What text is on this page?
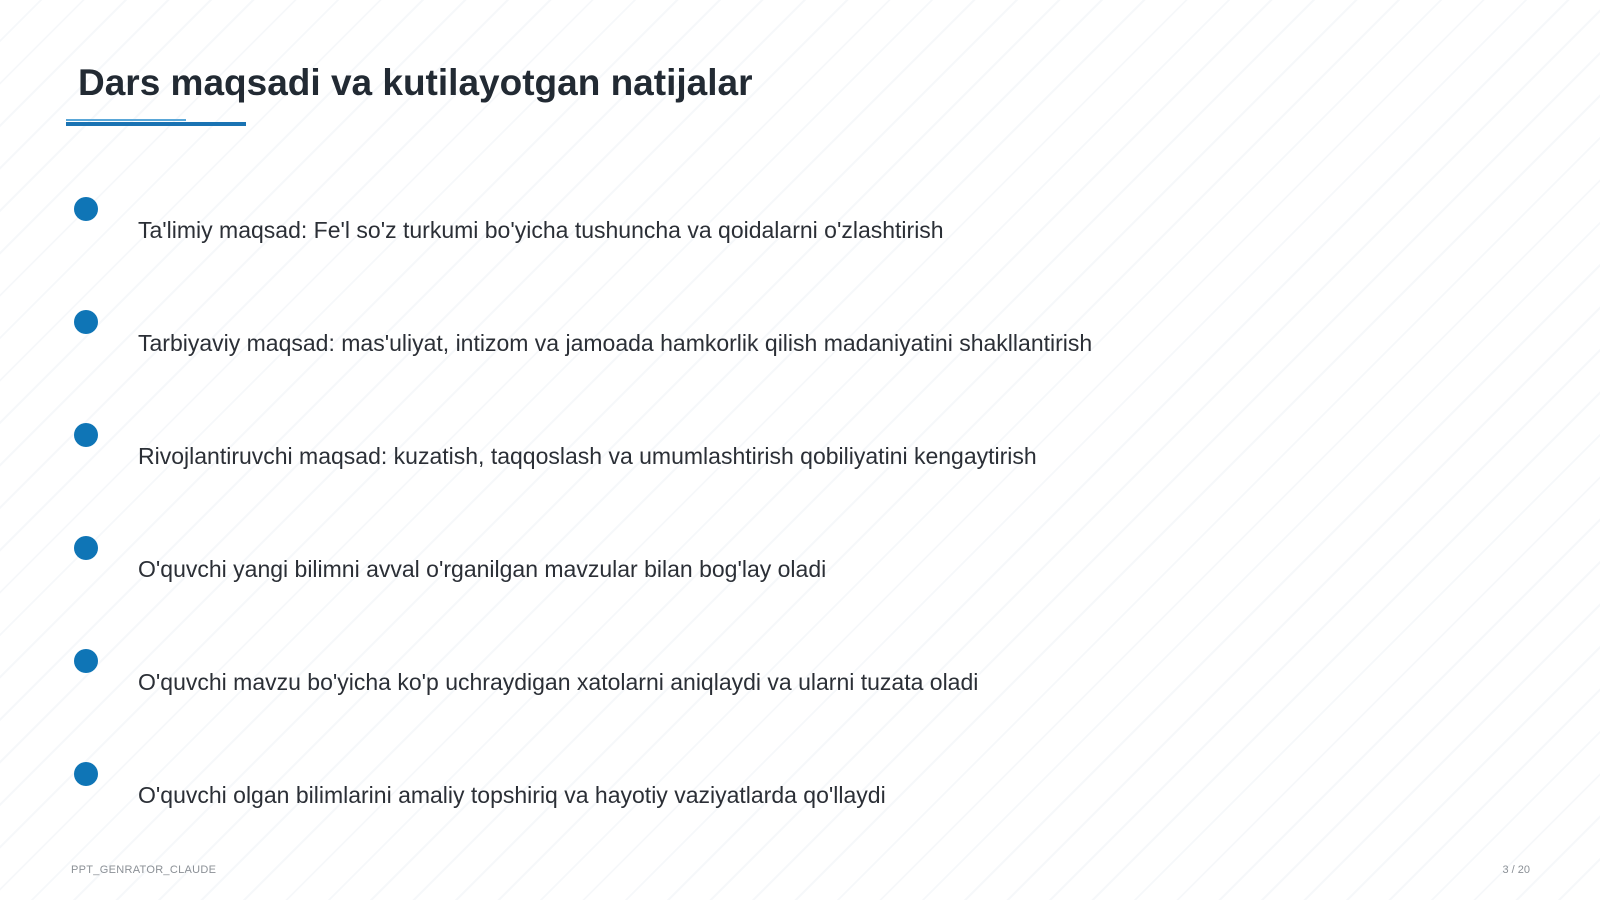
Dars maqsadi va kutilayotgan natijalar
Ta'limiy maqsad: Fe'l so'z turkumi bo'yicha tushuncha va qoidalarni o'zlashtirish
Tarbiyaviy maqsad: mas'uliyat, intizom va jamoada hamkorlik qilish madaniyatini shakllantirish
Rivojlantiruvchi maqsad: kuzatish, taqqoslash va umumlashtirish qobiliyatini kengaytirish
O'quvchi yangi bilimni avval o'rganilgan mavzular bilan bog'lay oladi
O'quvchi mavzu bo'yicha ko'p uchraydigan xatolarni aniqlaydi va ularni tuzata oladi
O'quvchi olgan bilimlarini amaliy topshiriq va hayotiy vaziyatlarda qo'llaydi
PPT_GENRATOR_CLAUDE	3 / 20
